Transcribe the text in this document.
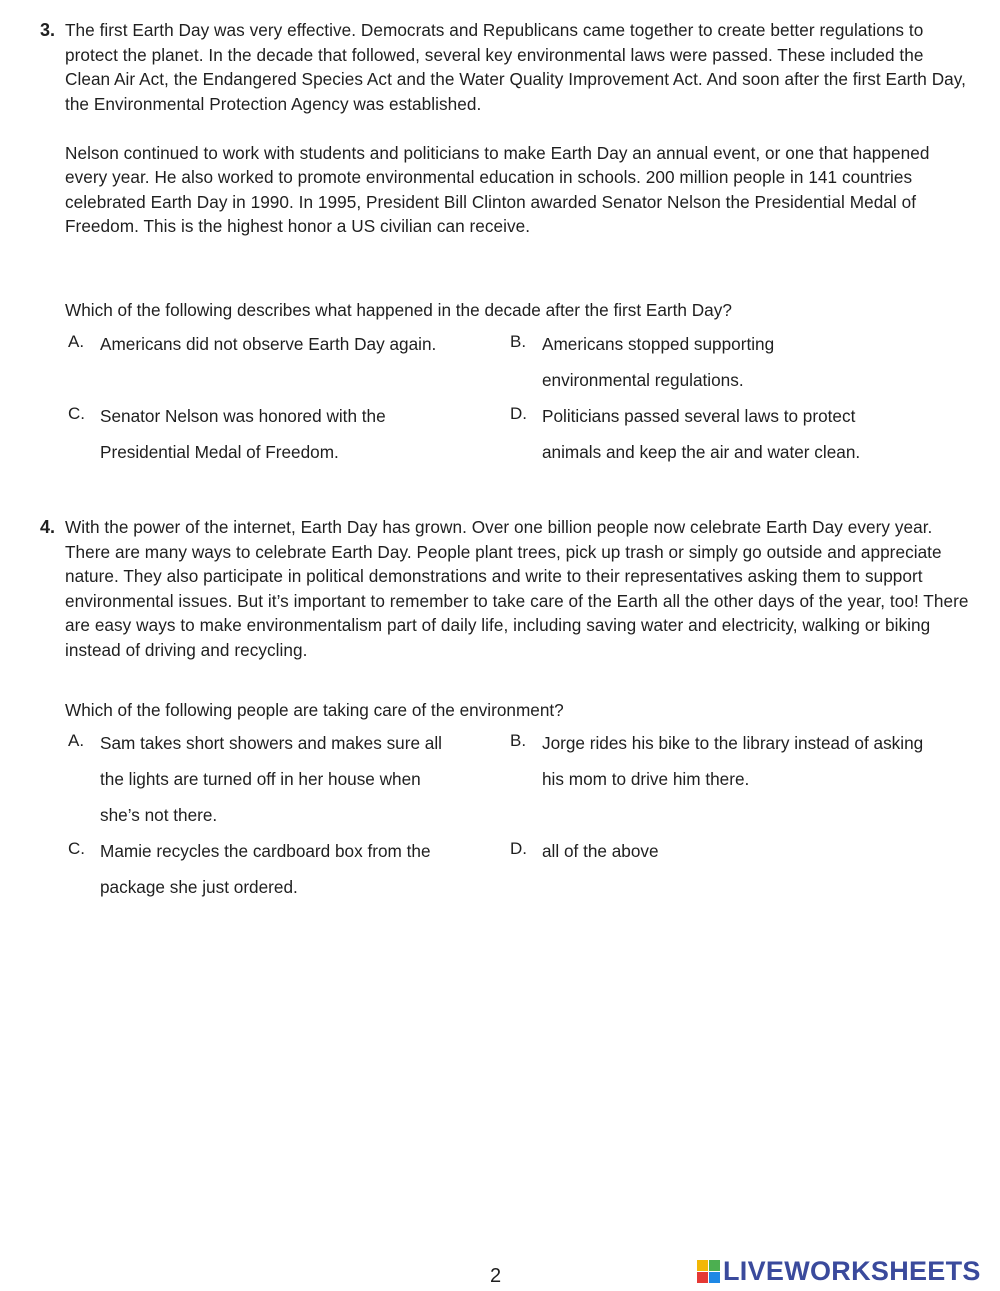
3. The first Earth Day was very effective. Democrats and Republicans came together to create better regulations to protect the planet. In the decade that followed, several key environmental laws were passed. These included the Clean Air Act, the Endangered Species Act and the Water Quality Improvement Act. And soon after the first Earth Day, the Environmental Protection Agency was established.

Nelson continued to work with students and politicians to make Earth Day an annual event, or one that happened every year. He also worked to promote environmental education in schools. 200 million people in 141 countries celebrated Earth Day in 1990. In 1995, President Bill Clinton awarded Senator Nelson the Presidential Medal of Freedom. This is the highest honor a US civilian can receive.

Which of the following describes what happened in the decade after the first Earth Day?

A. Americans did not observe Earth Day again.	B. Americans stopped supporting environmental regulations.
C. Senator Nelson was honored with the Presidential Medal of Freedom.
D. Politicians passed several laws to protect animals and keep the air and water clean.
4. With the power of the internet, Earth Day has grown. Over one billion people now celebrate Earth Day every year. There are many ways to celebrate Earth Day. People plant trees, pick up trash or simply go outside and appreciate nature. They also participate in political demonstrations and write to their representatives asking them to support environmental issues. But it’s important to remember to take care of the Earth all the other days of the year, too! There are easy ways to make environmentalism part of daily life, including saving water and electricity, walking or biking instead of driving and recycling.

Which of the following people are taking care of the environment?

A. Sam takes short showers and makes sure all the lights are turned off in her house when she’s not there.
B. Jorge rides his bike to the library instead of asking his mom to drive him there.
C. Mamie recycles the cardboard box from the package she just ordered.
D. all of the above
2	LIVEWORKSHEETS
